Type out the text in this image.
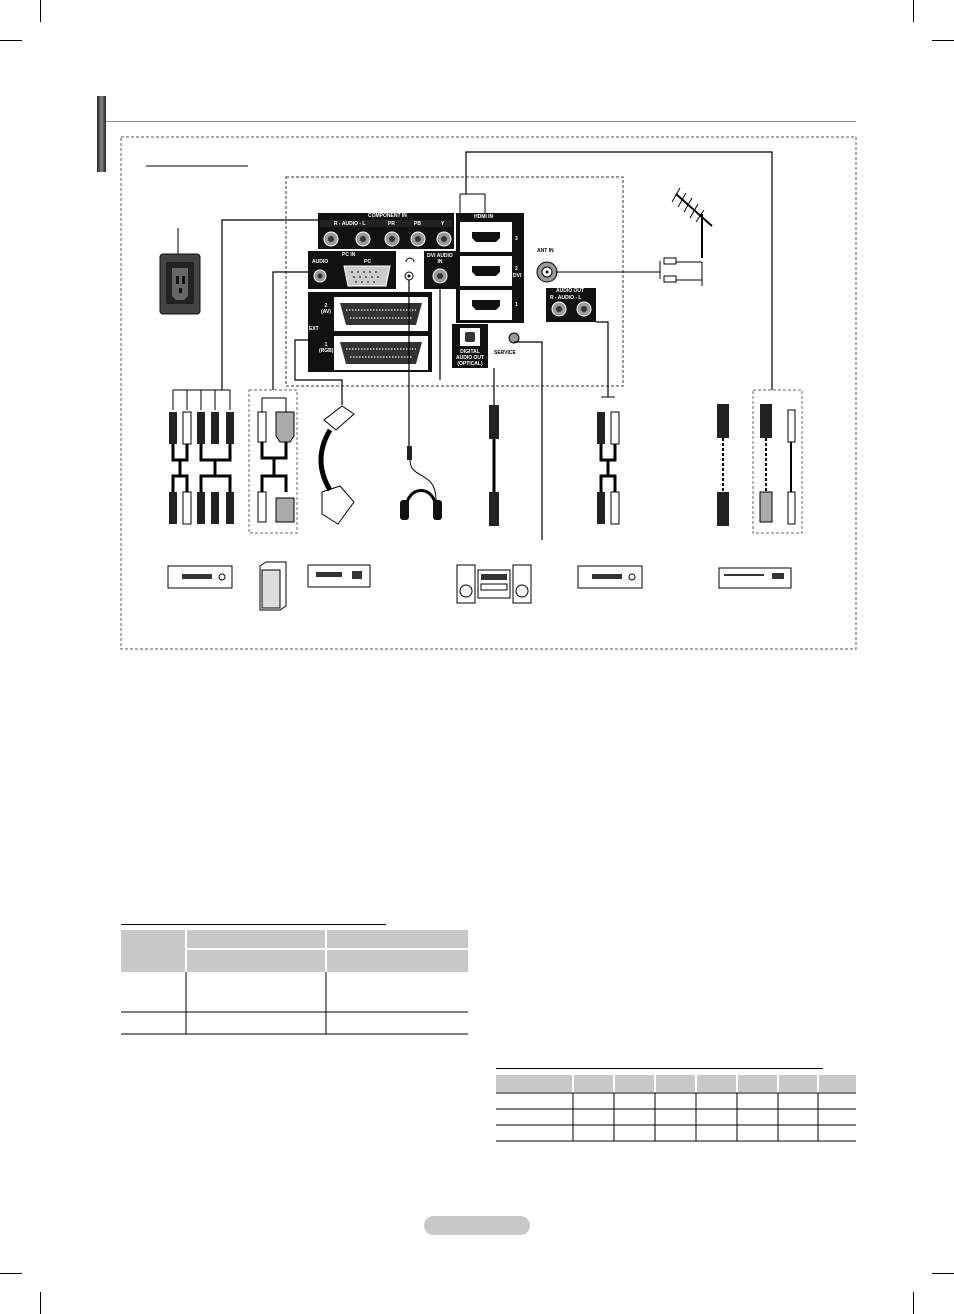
COMPONENT IN
R - AUDIO - L	PR	PB	Y
HDMI IN
3
2
DVI
1
PC IN
AUDIO	PC
DVI AUDIO IN
EXT
2 (AV)
1 (RGB)
ANT IN
AUDIO OUT
R - AUDIO - L
DIGITAL AUDIO OUT (OPTICAL)
SERVICE
